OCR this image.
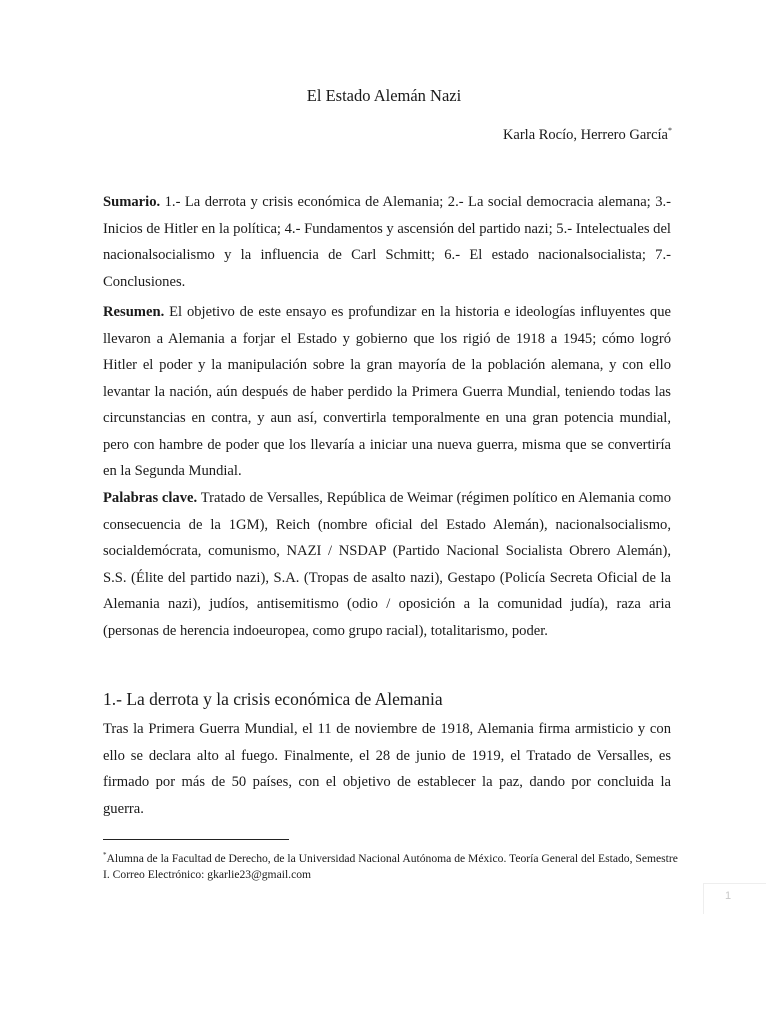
El Estado Alemán Nazi
Karla Rocío, Herrero García*
Sumario. 1.- La derrota y crisis económica de Alemania; 2.- La social democracia alemana; 3.- Inicios de Hitler en la política; 4.- Fundamentos y ascensión del partido nazi; 5.- Intelectuales del nacionalsocialismo y la influencia de Carl Schmitt; 6.- El estado nacionalsocialista; 7.- Conclusiones.
Resumen. El objetivo de este ensayo es profundizar en la historia e ideologías influyentes que llevaron a Alemania a forjar el Estado y gobierno que los rigió de 1918 a 1945; cómo logró Hitler el poder y la manipulación sobre la gran mayoría de la población alemana, y con ello levantar la nación, aún después de haber perdido la Primera Guerra Mundial, teniendo todas las circunstancias en contra, y aun así, convertirla temporalmente en una gran potencia mundial, pero con hambre de poder que los llevaría a iniciar una nueva guerra, misma que se convertiría en la Segunda Mundial.
Palabras clave. Tratado de Versalles, República de Weimar (régimen político en Alemania como consecuencia de la 1GM), Reich (nombre oficial del Estado Alemán), nacionalsocialismo, socialdemócrata, comunismo, NAZI / NSDAP (Partido Nacional Socialista Obrero Alemán), S.S. (Élite del partido nazi), S.A. (Tropas de asalto nazi), Gestapo (Policía Secreta Oficial de la Alemania nazi), judíos, antisemitismo (odio / oposición a la comunidad judía), raza aria (personas de herencia indoeuropea, como grupo racial), totalitarismo, poder.
1.- La derrota y la crisis económica de Alemania
Tras la Primera Guerra Mundial, el 11 de noviembre de 1918, Alemania firma armisticio y con ello se declara alto al fuego. Finalmente, el 28 de junio de 1919, el Tratado de Versalles, es firmado por más de 50 países, con el objetivo de establecer la paz, dando por concluida la guerra.
*Alumna de la Facultad de Derecho, de la Universidad Nacional Autónoma de México. Teoría General del Estado, Semestre I. Correo Electrónico: gkarlie23@gmail.com
1
